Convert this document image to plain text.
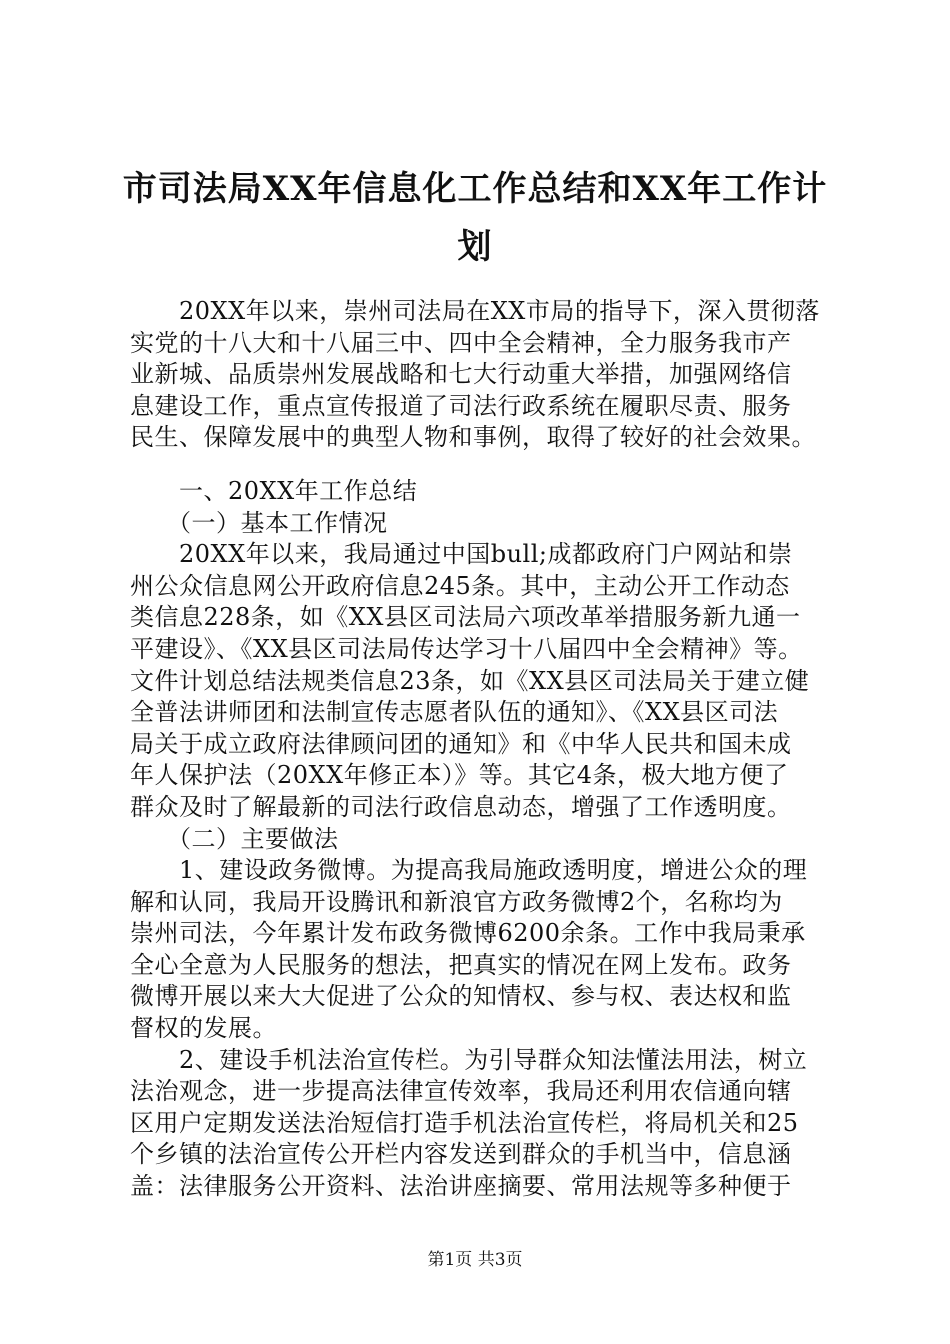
市司法局XX年信息化工作总结和XX年工作计
划
　　20XX年以来，崇州司法局在XX市局的指导下，深入贯彻落
实党的十八大和十八届三中、四中全会精神，全力服务我市产
业新城、品质崇州发展战略和七大行动重大举措，加强网络信
息建设工作，重点宣传报道了司法行政系统在履职尽责、服务
民生、保障发展中的典型人物和事例，取得了较好的社会效果。
　　一、20XX年工作总结
　　（一）基本工作情况
　　20XX年以来，我局通过中国bull;成都政府门户网站和崇
州公众信息网公开政府信息245条。其中，主动公开工作动态
类信息228条，如《XX县区司法局六项改革举措服务新九通一
平建设》、《XX县区司法局传达学习十八届四中全会精神》等。
文件计划总结法规类信息23条，如《XX县区司法局关于建立健
全普法讲师团和法制宣传志愿者队伍的通知》、《XX县区司法
局关于成立政府法律顾问团的通知》和《中华人民共和国未成
年人保护法（20XX年修正本）》等。其它4条，极大地方便了
群众及时了解最新的司法行政信息动态，增强了工作透明度。
　　（二）主要做法
　　1、建设政务微博。为提高我局施政透明度，增进公众的理
解和认同，我局开设腾讯和新浪官方政务微博2个，名称均为
崇州司法，今年累计发布政务微博6200余条。工作中我局秉承
全心全意为人民服务的想法，把真实的情况在网上发布。政务
微博开展以来大大促进了公众的知情权、参与权、表达权和监
督权的发展。
　　2、建设手机法治宣传栏。为引导群众知法懂法用法，树立
法治观念，进一步提高法律宣传效率，我局还利用农信通向辖
区用户定期发送法治短信打造手机法治宣传栏，将局机关和25
个乡镇的法治宣传公开栏内容发送到群众的手机当中，信息涵
盖：法律服务公开资料、法治讲座摘要、常用法规等多种便于
第1页 共3页
